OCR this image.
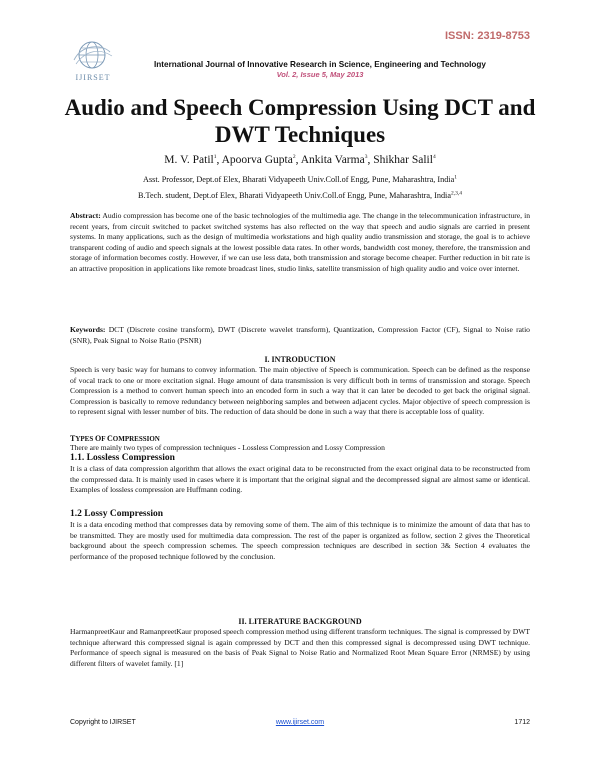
ISSN: 2319-8753
IJIRSET
International Journal of Innovative Research in Science, Engineering and Technology
Vol. 2, Issue 5, May 2013
Audio and Speech Compression Using DCT and DWT Techniques
M. V. Patil$^1$, Apoorva Gupta$^2$, Ankita Varma$^3$, Shikhar Salil$^4$
Asst. Professor, Dept.of Elex, Bharati Vidyapeeth Univ.Coll.of Engg, Pune, Maharashtra, India$^1$
B.Tech. student, Dept.of Elex, Bharati Vidyapeeth Univ.Coll.of Engg, Pune, Maharashtra, India$^{2,3,4}$
Abstract: Audio compression has become one of the basic technologies of the multimedia age. The change in the telecommunication infrastructure, in recent years, from circuit switched to packet switched systems has also reflected on the way that speech and audio signals are carried in present systems. In many applications, such as the design of multimedia workstations and high quality audio transmission and storage, the goal is to achieve transparent coding of audio and speech signals at the lowest possible data rates. In other words, bandwidth cost money, therefore, the transmission and storage of information becomes costly. However, if we can use less data, both transmission and storage become cheaper. Further reduction in bit rate is an attractive proposition in applications like remote broadcast lines, studio links, satellite transmission of high quality audio and voice over internet.
Keywords: DCT (Discrete cosine transform), DWT (Discrete wavelet transform), Quantization, Compression Factor (CF), Signal to Noise ratio (SNR), Peak Signal to Noise Ratio (PSNR)
I. INTRODUCTION
Speech is very basic way for humans to convey information. The main objective of Speech is communication. Speech can be defined as the response of vocal track to one or more excitation signal. Huge amount of data transmission is very difficult both in terms of transmission and storage. Speech Compression is a method to convert human speech into an encoded form in such a way that it can later be decoded to get back the original signal. Compression is basically to remove redundancy between neighboring samples and between adjacent cycles. Major objective of speech compression is to represent signal with lesser number of bits. The reduction of data should be done in such a way that there is acceptable loss of quality.
TYPES OF COMPRESSION
There are mainly two types of compression techniques - Lossless Compression and Lossy Compression
1.1. Lossless Compression
It is a class of data compression algorithm that allows the exact original data to be reconstructed from the exact original data to be reconstructed from the compressed data. It is mainly used in cases where it is important that the original signal and the decompressed signal are almost same or identical. Examples of lossless compression are Huffmann coding.
1.2 Lossy Compression
It is a data encoding method that compresses data by removing some of them. The aim of this technique is to minimize the amount of data that has to be transmitted. They are mostly used for multimedia data compression. The rest of the paper is organized as follow, section 2 gives the Theoretical background about the speech compression schemes. The speech compression techniques are described in section 3& Section 4 evaluates the performance of the proposed technique followed by the conclusion.
II. LITERATURE BACKGROUND
HarmanpreetKaur and RamanpreetKaur proposed speech compression method using different transform techniques. The signal is compressed by DWT technique afterward this compressed signal is again compressed by DCT and then this compressed signal is decompressed using DWT technique. Performance of speech signal is measured on the basis of Peak Signal to Noise Ratio and Normalized Root Mean Square Error (NRMSE) by using different filters of wavelet family. [1]
Copyright to IJIRSET	www.ijirset.com	1712
